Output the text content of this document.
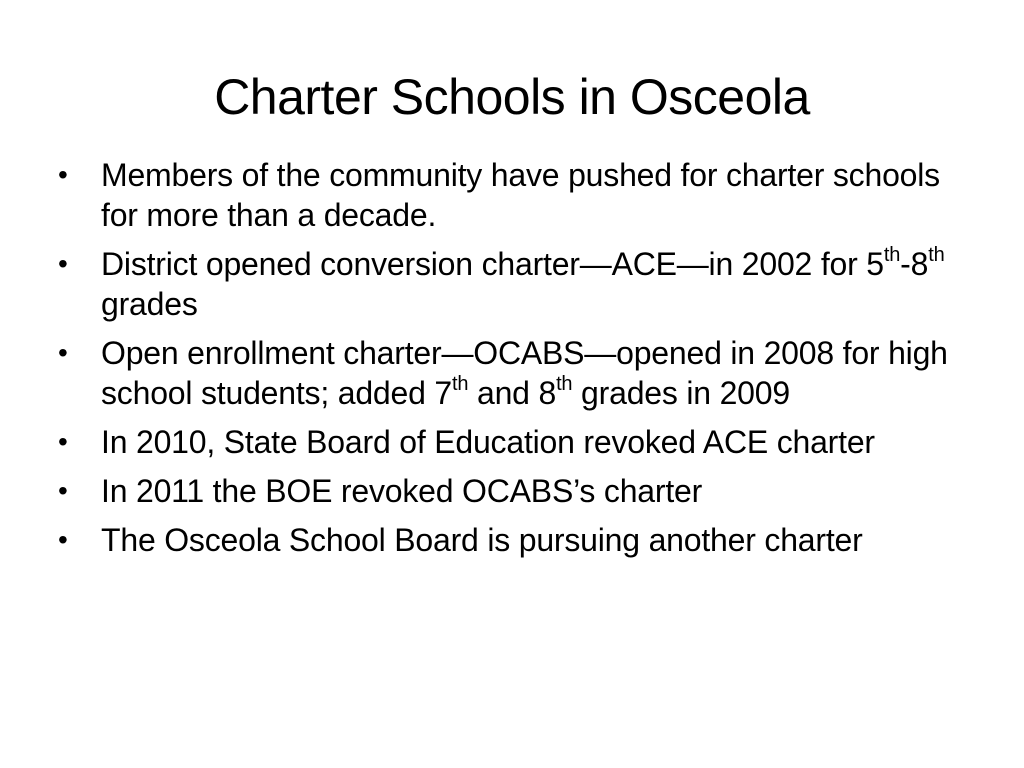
Charter Schools in Osceola
•	Members of the community have pushed for charter schools for more than a decade.
•	District opened conversion charter—ACE—in 2002 for 5th-8th grades
•	Open enrollment charter—OCABS—opened in 2008 for high school students; added 7th and 8th grades in 2009
•	In 2010, State Board of Education revoked ACE charter
•	In 2011 the BOE revoked OCABS’s charter
•	The Osceola School Board is pursuing another charter
